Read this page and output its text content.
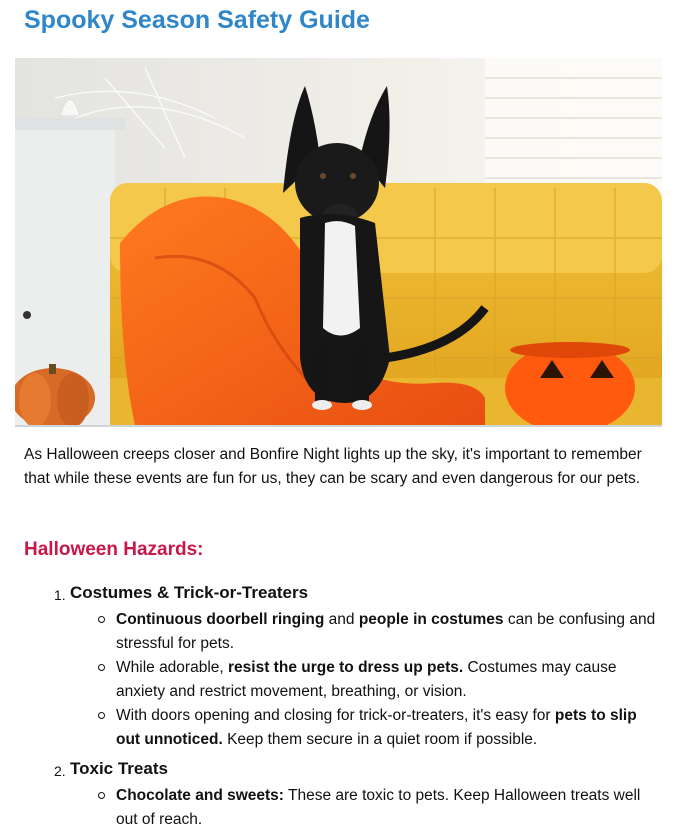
Spooky Season Safety Guide

As Halloween creeps closer and Bonfire Night lights up the sky, it's important to remember that while these events are fun for us, they can be scary and even dangerous for our pets.

Halloween Hazards:
1. Costumes & Trick-or-Treaters
Continuous doorbell ringing and people in costumes can be confusing and stressful for pets.
While adorable, resist the urge to dress up pets. Costumes may cause anxiety and restrict movement, breathing, or vision.
With doors opening and closing for trick-or-treaters, it's easy for pets to slip out unnoticed. Keep them secure in a quiet room if possible.
2. Toxic Treats
Chocolate and sweets: These are toxic to pets. Keep Halloween treats well out of reach.
